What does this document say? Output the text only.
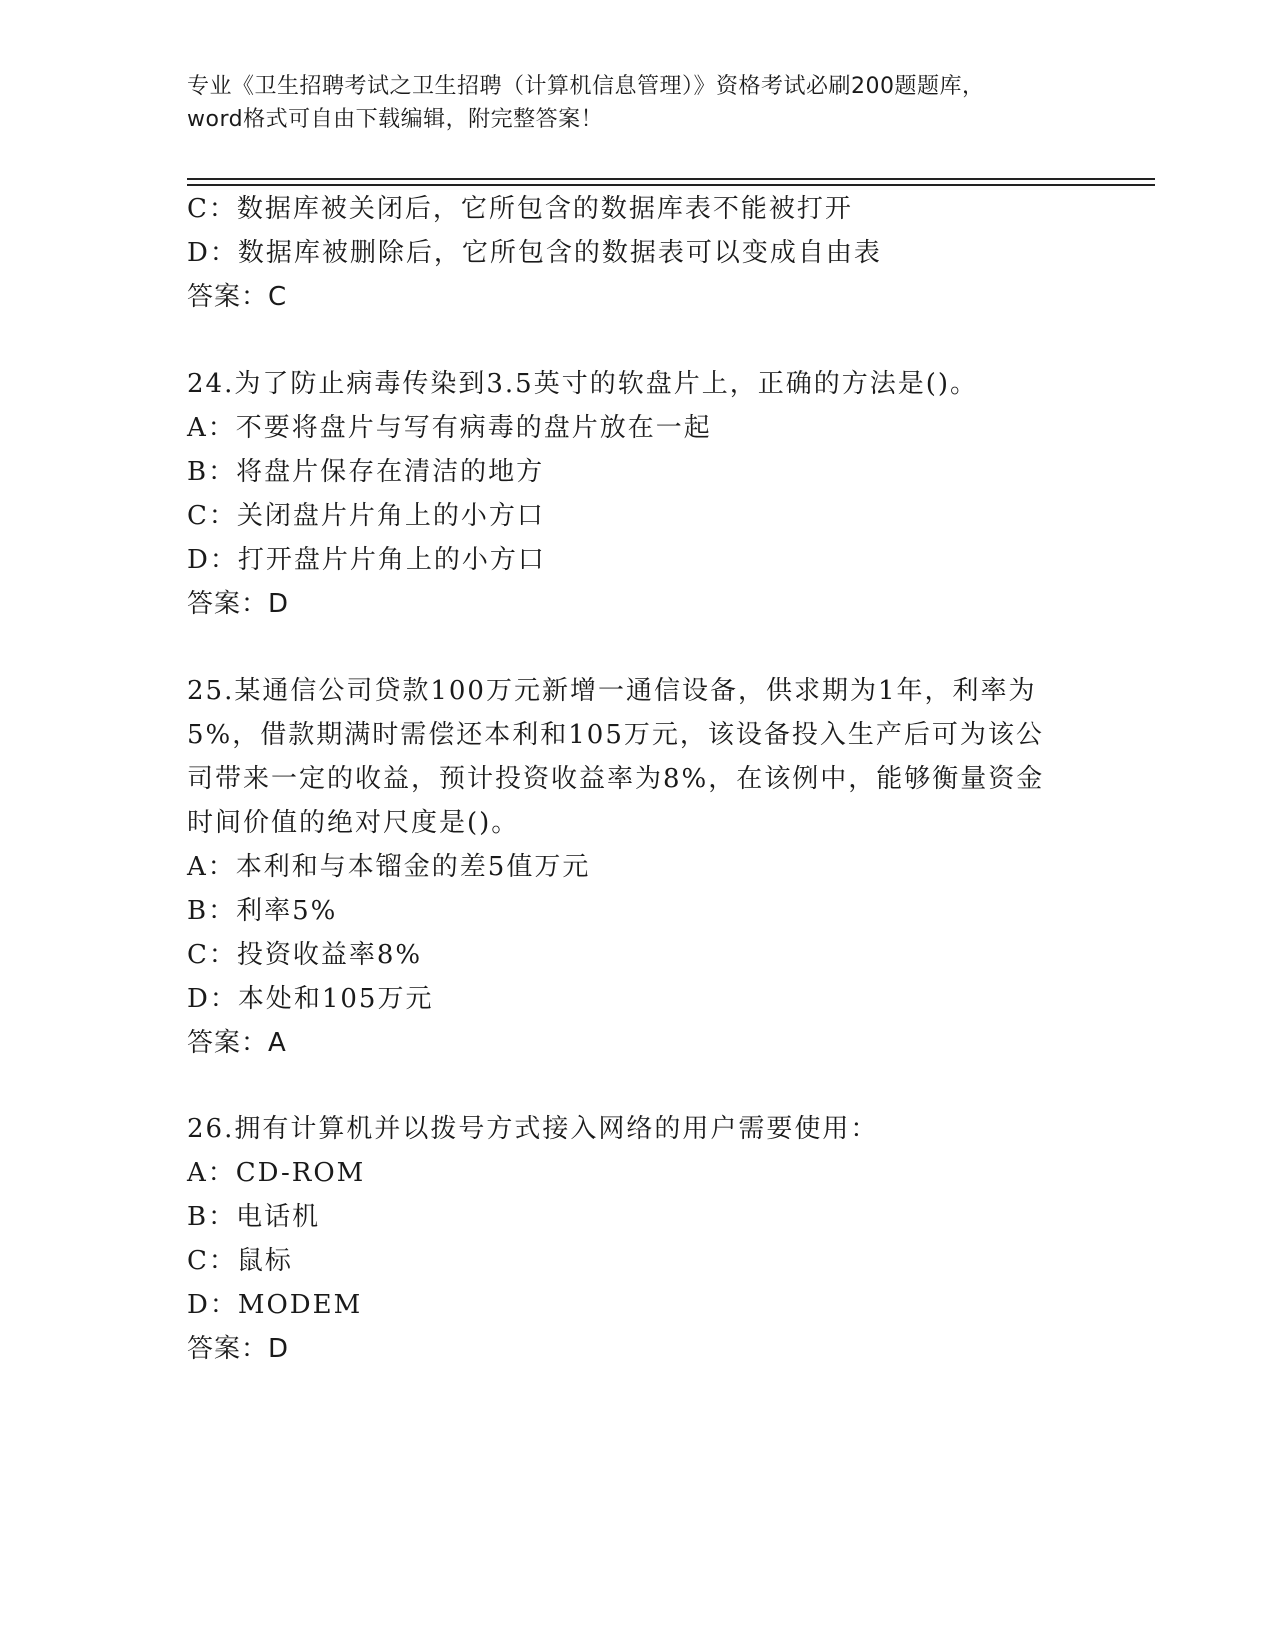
专业《卫生招聘考试之卫生招聘（计算机信息管理）》资格考试必刷200题题库，
word格式可自由下载编辑，附完整答案！
C：数据库被关闭后，它所包含的数据库表不能被打开
D：数据库被删除后，它所包含的数据表可以变成自由表
答案：C
24.为了防止病毒传染到3.5英寸的软盘片上，正确的方法是()。
A：不要将盘片与写有病毒的盘片放在一起
B：将盘片保存在清洁的地方
C：关闭盘片片角上的小方口
D：打开盘片片角上的小方口
答案：D
25.某通信公司贷款100万元新增一通信设备，供求期为1年，利率为
5%，借款期满时需偿还本利和105万元，该设备投入生产后可为该公
司带来一定的收益，预计投资收益率为8%，在该例中，能够衡量资金
时间价值的绝对尺度是()。
A：本利和与本镏金的差5值万元
B：利率5%
C：投资收益率8%
D：本处和105万元
答案：A
26.拥有计算机并以拨号方式接入网络的用户需要使用：
A：CD-ROM
B：电话机
C：鼠标
D：MODEM
答案：D
